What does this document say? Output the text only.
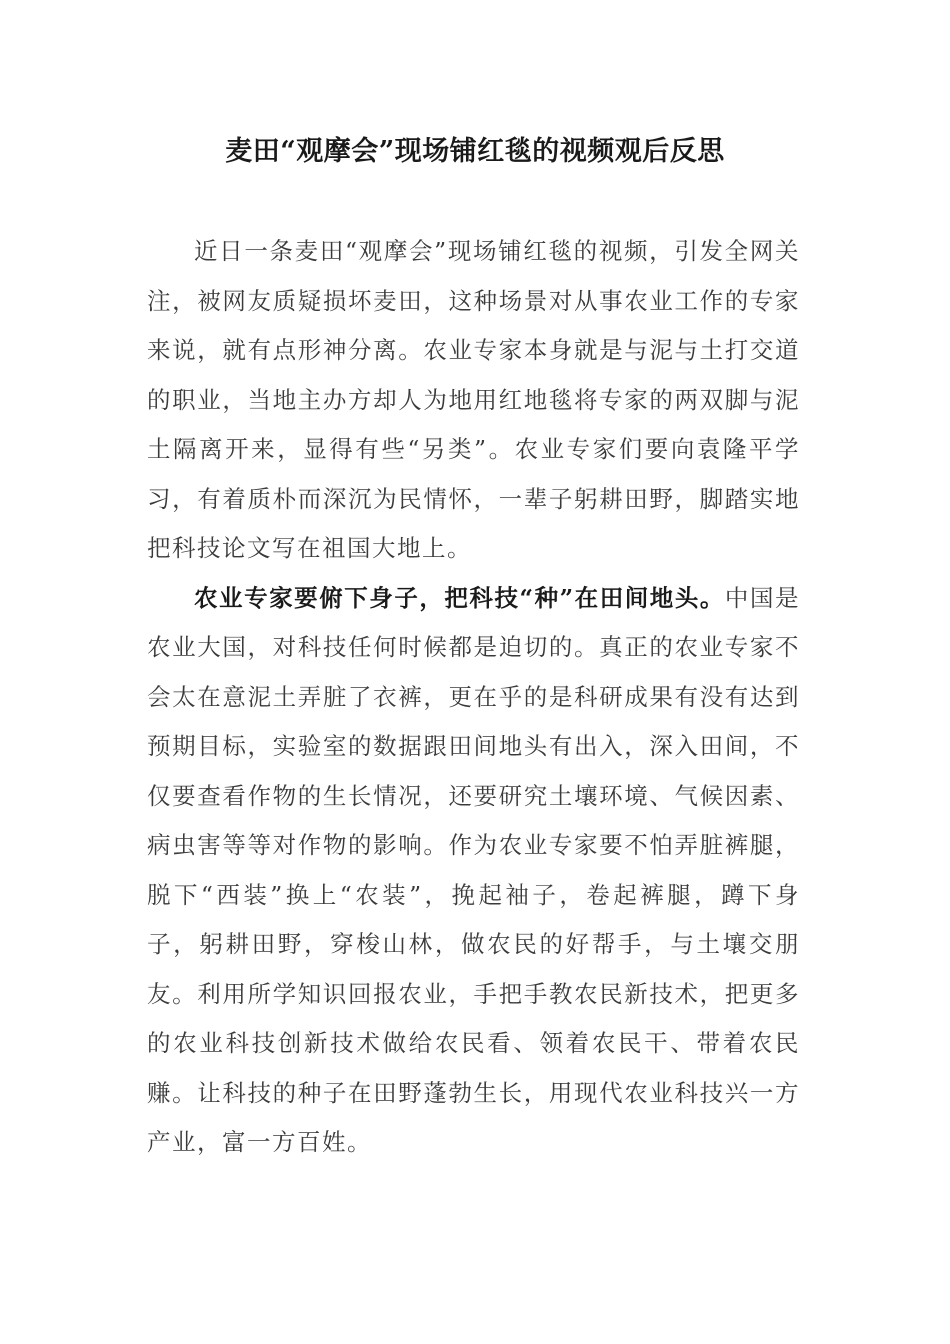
麦田“观摩会”现场铺红毯的视频观后反思

近日一条麦田“观摩会”现场铺红毯的视频，引发全网关注，被网友质疑损坏麦田，这种场景对从事农业工作的专家来说，就有点形神分离。农业专家本身就是与泥与土打交道的职业，当地主办方却人为地用红地毯将专家的两双脚与泥土隔离开来，显得有些“另类”。农业专家们要向袁隆平学习，有着质朴而深沉为民情怀，一辈子躬耕田野，脚踏实地把科技论文写在祖国大地上。

农业专家要俯下身子，把科技“种”在田间地头。中国是农业大国，对科技任何时候都是迫切的。真正的农业专家不会太在意泥土弄脏了衣裤，更在乎的是科研成果有没有达到预期目标，实验室的数据跟田间地头有出入，深入田间，不仅要查看作物的生长情况，还要研究土壤环境、气候因素、病虫害等等对作物的影响。作为农业专家要不怕弄脏裤腿，脱下“西装”换上“农装”，挽起袖子，卷起裤腿，蹲下身子，躬耕田野，穿梭山林，做农民的好帮手，与土壤交朋友。利用所学知识回报农业，手把手教农民新技术，把更多的农业科技创新技术做给农民看、领着农民干、带着农民赚。让科技的种子在田野蓬勃生长，用现代农业科技兴一方产业，富一方百姓。
